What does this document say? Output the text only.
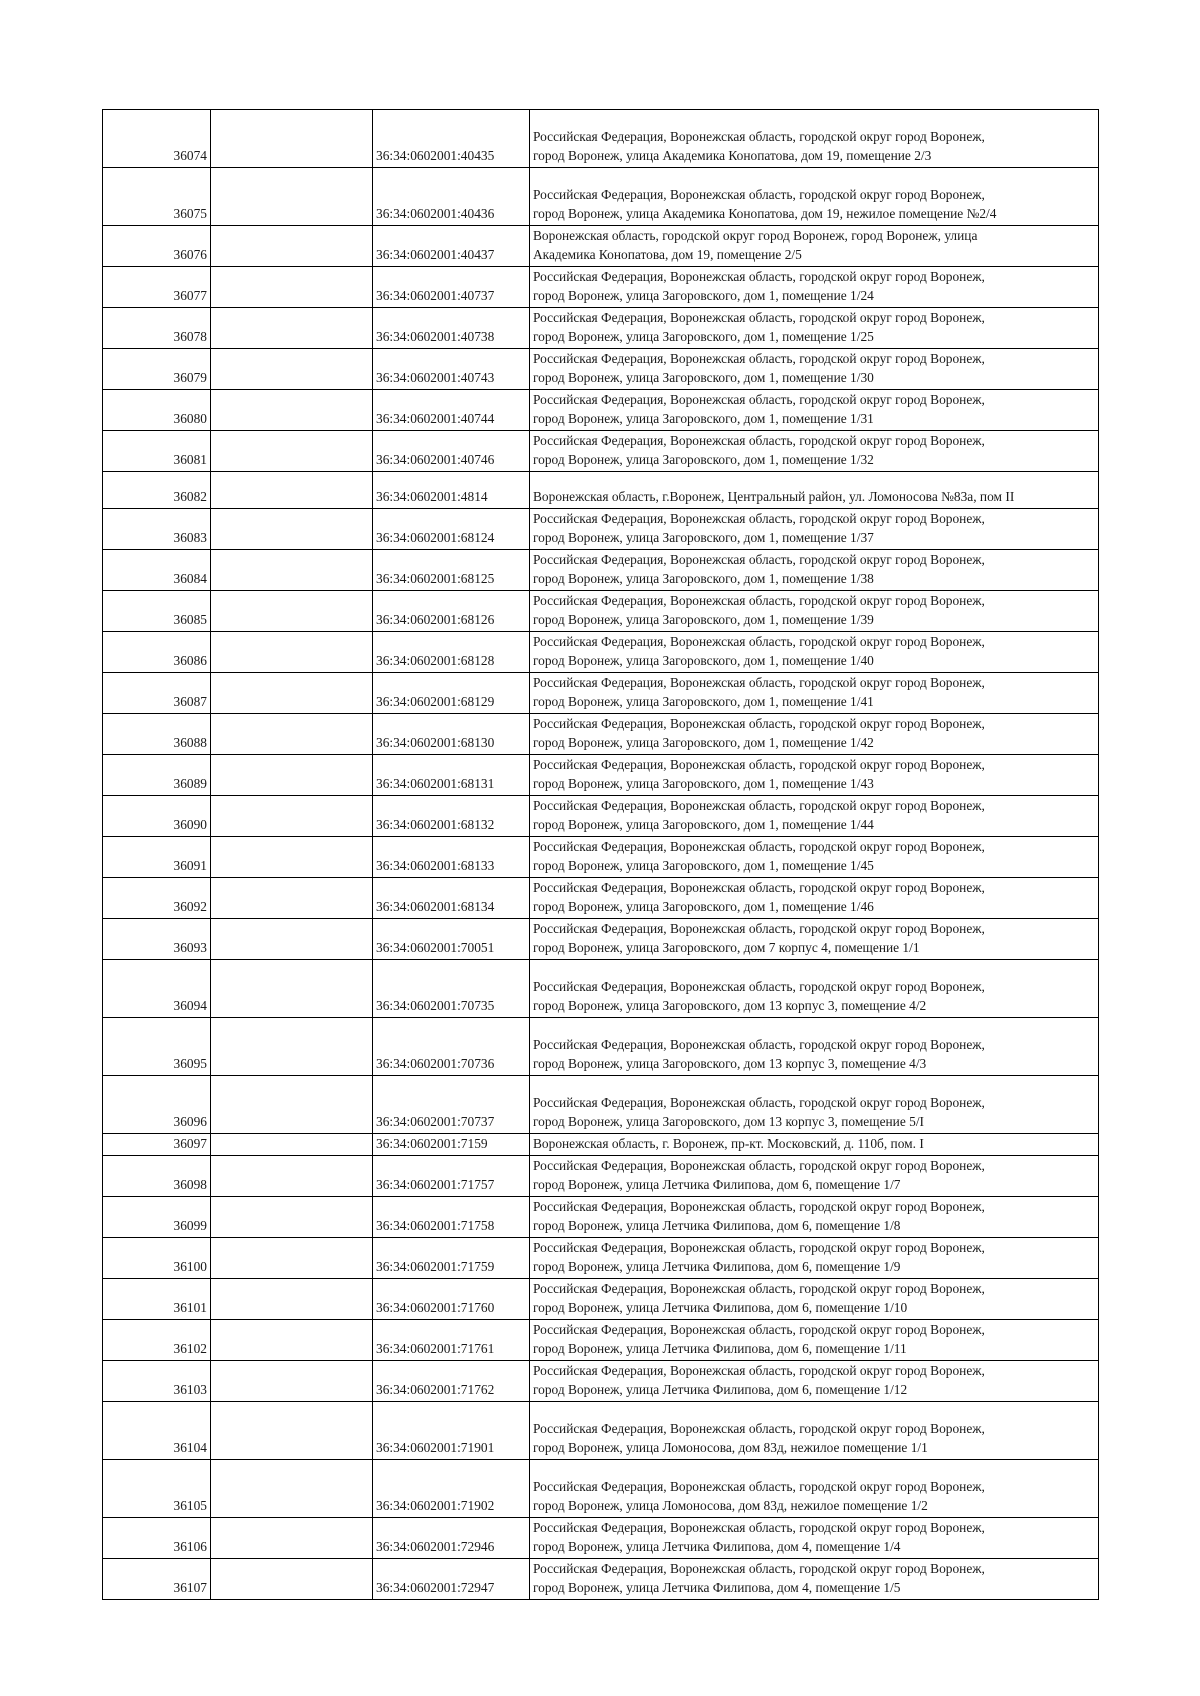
36074		36:34:0602001:40435	Российская Федерация, Воронежская область, городской округ город Воронеж,
город Воронеж, улица Академика Конопатова, дом 19, помещение 2/3

36075		36:34:0602001:40436	Российская Федерация, Воронежская область, городской округ город Воронеж,
город Воронеж, улица Академика Конопатова, дом 19, нежилое помещение №2/4

36076		36:34:0602001:40437	Воронежская область, городской округ город Воронеж, город Воронеж, улица
Академика Конопатова, дом 19, помещение 2/5

36077		36:34:0602001:40737	Российская Федерация, Воронежская область, городской округ город Воронеж,
город Воронеж, улица Загоровского, дом 1, помещение 1/24

36078		36:34:0602001:40738	Российская Федерация, Воронежская область, городской округ город Воронеж,
город Воронеж, улица Загоровского, дом 1, помещение 1/25

36079		36:34:0602001:40743	Российская Федерация, Воронежская область, городской округ город Воронеж,
город Воронеж, улица Загоровского, дом 1, помещение 1/30

36080		36:34:0602001:40744	Российская Федерация, Воронежская область, городской округ город Воронеж,
город Воронеж, улица Загоровского, дом 1, помещение 1/31

36081		36:34:0602001:40746	Российская Федерация, Воронежская область, городской округ город Воронеж,
город Воронеж, улица Загоровского, дом 1, помещение 1/32

36082		36:34:0602001:4814	Воронежская область, г.Воронеж, Центральный район, ул. Ломоносова №83а, пом II

36083		36:34:0602001:68124	Российская Федерация, Воронежская область, городской округ город Воронеж,
город Воронеж, улица Загоровского, дом 1, помещение 1/37

36084		36:34:0602001:68125	Российская Федерация, Воронежская область, городской округ город Воронеж,
город Воронеж, улица Загоровского, дом 1, помещение 1/38

36085		36:34:0602001:68126	Российская Федерация, Воронежская область, городской округ город Воронеж,
город Воронеж, улица Загоровского, дом 1, помещение 1/39

36086		36:34:0602001:68128	Российская Федерация, Воронежская область, городской округ город Воронеж,
город Воронеж, улица Загоровского, дом 1, помещение 1/40

36087		36:34:0602001:68129	Российская Федерация, Воронежская область, городской округ город Воронеж,
город Воронеж, улица Загоровского, дом 1, помещение 1/41

36088		36:34:0602001:68130	Российская Федерация, Воронежская область, городской округ город Воронеж,
город Воронеж, улица Загоровского, дом 1, помещение 1/42

36089		36:34:0602001:68131	Российская Федерация, Воронежская область, городской округ город Воронеж,
город Воронеж, улица Загоровского, дом 1, помещение 1/43

36090		36:34:0602001:68132	Российская Федерация, Воронежская область, городской округ город Воронеж,
город Воронеж, улица Загоровского, дом 1, помещение 1/44

36091		36:34:0602001:68133	Российская Федерация, Воронежская область, городской округ город Воронеж,
город Воронеж, улица Загоровского, дом 1, помещение 1/45

36092		36:34:0602001:68134	Российская Федерация, Воронежская область, городской округ город Воронеж,
город Воронеж, улица Загоровского, дом 1, помещение 1/46

36093		36:34:0602001:70051	Российская Федерация, Воронежская область, городской округ город Воронеж,
город Воронеж, улица Загоровского, дом 7 корпус 4, помещение 1/1

36094		36:34:0602001:70735	Российская Федерация, Воронежская область, городской округ город Воронеж,
город Воронеж, улица Загоровского, дом 13 корпус 3, помещение 4/2

36095		36:34:0602001:70736	Российская Федерация, Воронежская область, городской округ город Воронеж,
город Воронеж, улица Загоровского, дом 13 корпус 3, помещение 4/3

36096		36:34:0602001:70737	Российская Федерация, Воронежская область, городской округ город Воронеж,
город Воронеж, улица Загоровского, дом 13 корпус 3, помещение 5/I

36097		36:34:0602001:7159	Воронежская область, г. Воронеж, пр-кт. Московский, д. 110б, пом. I

36098		36:34:0602001:71757	Российская Федерация, Воронежская область, городской округ город Воронеж,
город Воронеж, улица Летчика Филипова, дом 6, помещение 1/7

36099		36:34:0602001:71758	Российская Федерация, Воронежская область, городской округ город Воронеж,
город Воронеж, улица Летчика Филипова, дом 6, помещение 1/8

36100		36:34:0602001:71759	Российская Федерация, Воронежская область, городской округ город Воронеж,
город Воронеж, улица Летчика Филипова, дом 6, помещение 1/9

36101		36:34:0602001:71760	Российская Федерация, Воронежская область, городской округ город Воронеж,
город Воронеж, улица Летчика Филипова, дом 6, помещение 1/10

36102		36:34:0602001:71761	Российская Федерация, Воронежская область, городской округ город Воронеж,
город Воронеж, улица Летчика Филипова, дом 6, помещение 1/11

36103		36:34:0602001:71762	Российская Федерация, Воронежская область, городской округ город Воронеж,
город Воронеж, улица Летчика Филипова, дом 6, помещение 1/12

36104		36:34:0602001:71901	Российская Федерация, Воронежская область, городской округ город Воронеж,
город Воронеж, улица Ломоносова, дом 83д, нежилое помещение 1/1

36105		36:34:0602001:71902	Российская Федерация, Воронежская область, городской округ город Воронеж,
город Воронеж, улица Ломоносова, дом 83д, нежилое помещение 1/2

36106		36:34:0602001:72946	Российская Федерация, Воронежская область, городской округ город Воронеж,
город Воронеж, улица Летчика Филипова, дом 4, помещение 1/4

36107		36:34:0602001:72947	Российская Федерация, Воронежская область, городской округ город Воронеж,
город Воронеж, улица Летчика Филипова, дом 4, помещение 1/5
